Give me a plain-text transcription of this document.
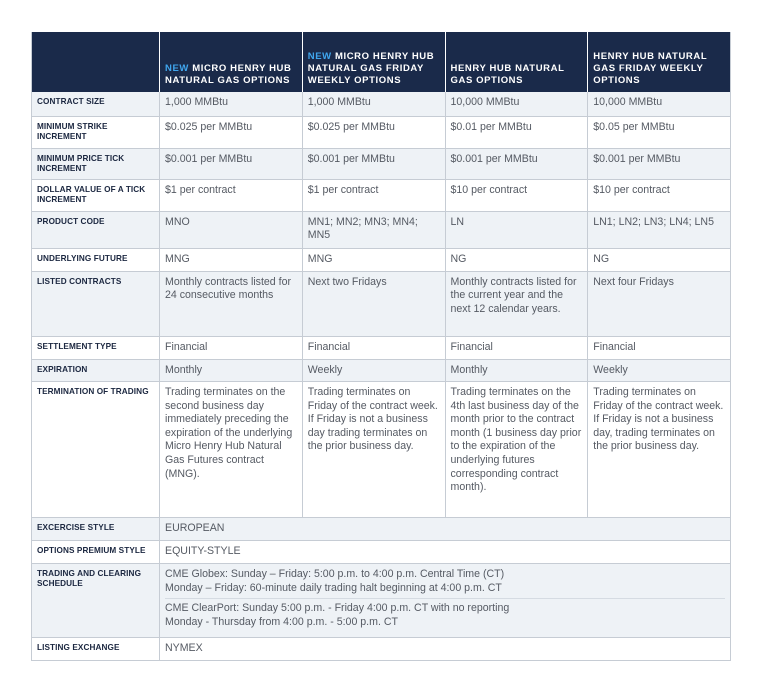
	NEW MICRO HENRY HUB NATURAL GAS OPTIONS	NEW MICRO HENRY HUB NATURAL GAS FRIDAY WEEKLY OPTIONS	HENRY HUB NATURAL GAS OPTIONS	HENRY HUB NATURAL GAS FRIDAY WEEKLY OPTIONS
CONTRACT SIZE	1,000 MMBtu	1,000 MMBtu	10,000 MMBtu	10,000 MMBtu
MINIMUM STRIKE INCREMENT	$0.025 per MMBtu	$0.025 per MMBtu	$0.01 per MMBtu	$0.05 per MMBtu
MINIMUM PRICE TICK INCREMENT	$0.001 per MMBtu	$0.001 per MMBtu	$0.001 per MMBtu	$0.001 per MMBtu
DOLLAR VALUE OF A TICK INCREMENT	$1 per contract	$1 per contract	$10 per contract	$10 per contract
PRODUCT CODE	MNO	MN1; MN2; MN3; MN4; MN5	LN	LN1; LN2; LN3; LN4; LN5
UNDERLYING FUTURE	MNG	MNG	NG	NG
LISTED CONTRACTS	Monthly contracts listed for 24 consecutive months	Next two Fridays	Monthly contracts listed for the current year and the next 12 calendar years.	Next four Fridays
SETTLEMENT TYPE	Financial	Financial	Financial	Financial
EXPIRATION	Monthly	Weekly	Monthly	Weekly
TERMINATION OF TRADING	Trading terminates on the second business day immediately preceding the expiration of the underlying Micro Henry Hub Natural Gas Futures contract (MNG).	Trading terminates on Friday of the contract week. If Friday is not a business day trading terminates on the prior business day.	Trading terminates on the 4th last business day of the month prior to the contract month (1 business day prior to the expiration of the underlying futures corresponding contract month).	Trading terminates on Friday of the contract week. If Friday is not a business day, trading terminates on the prior business day.
EXCERCISE STYLE	EUROPEAN			
OPTIONS PREMIUM STYLE	EQUITY-STYLE			
TRADING AND CLEARING SCHEDULE	CME Globex: Sunday – Friday: 5:00 p.m. to 4:00 p.m. Central Time (CT)
Monday – Friday: 60-minute daily trading halt beginning at 4:00 p.m. CT
CME ClearPort: Sunday 5:00 p.m. - Friday 4:00 p.m. CT with no reporting
Monday - Thursday from 4:00 p.m. - 5:00 p.m. CT			

LISTING EXCHANGE	NYMEX			
